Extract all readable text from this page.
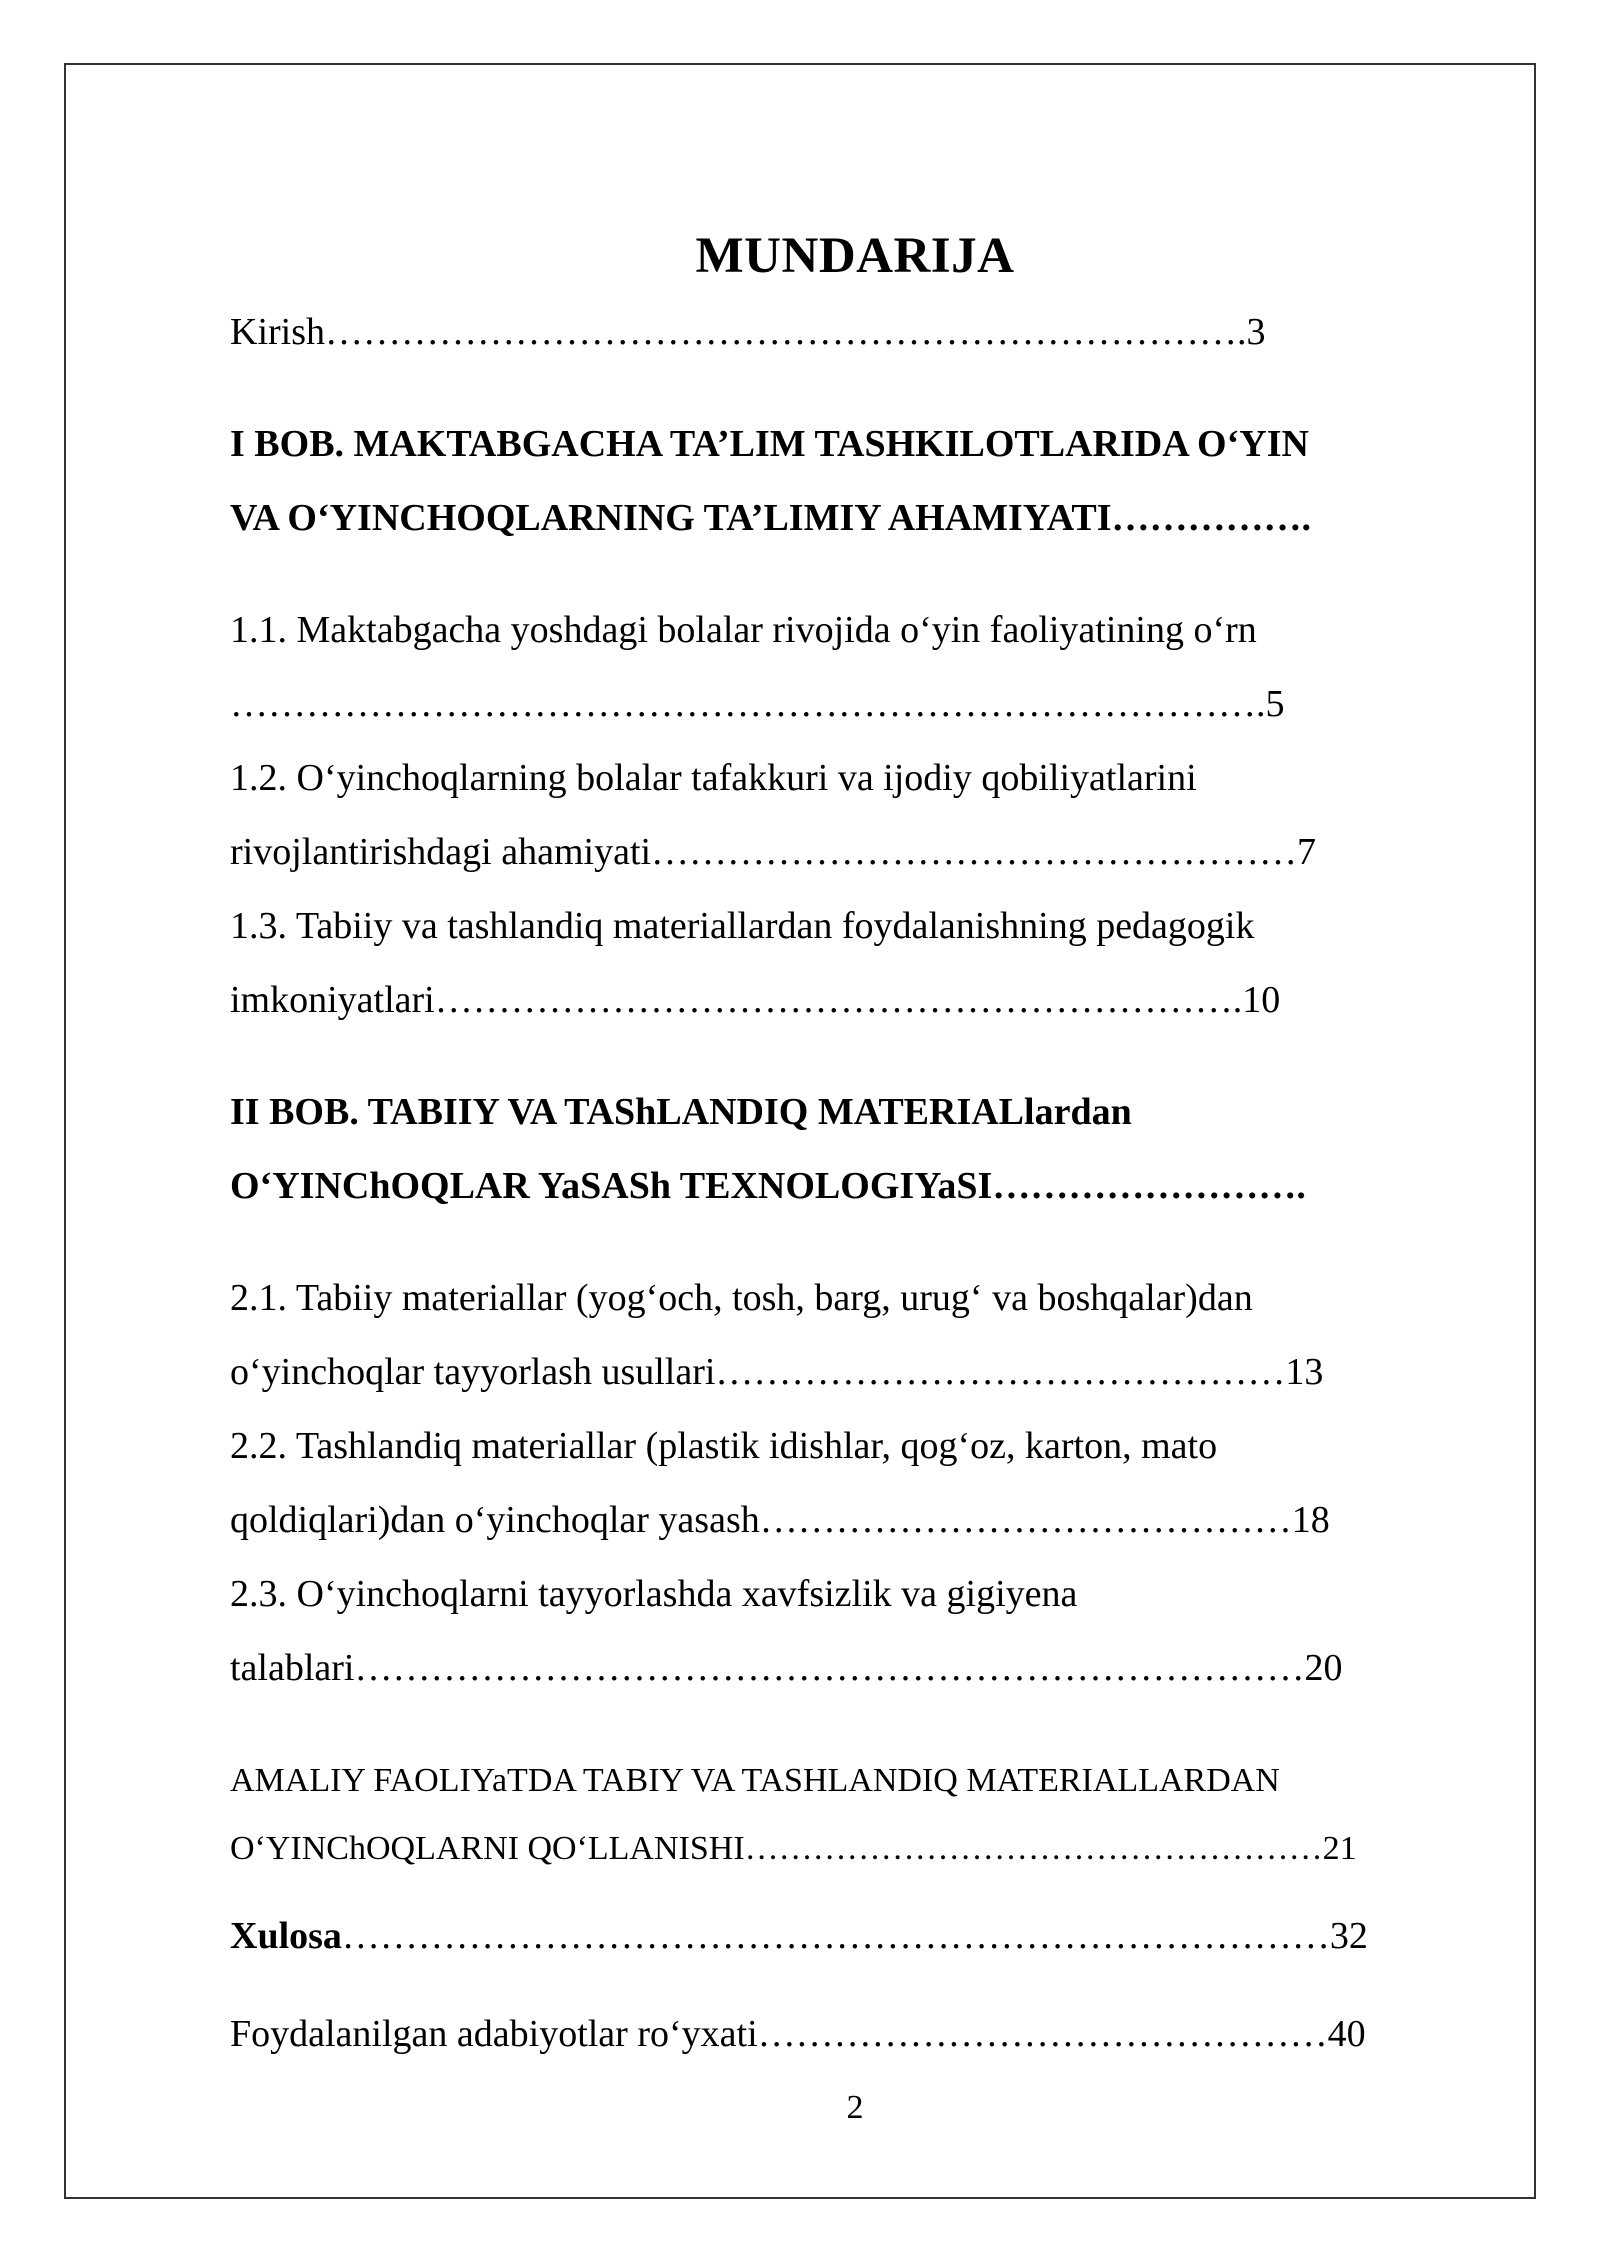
MUNDARIJA
Kirish……………………………………………………………….3
I BOB. MAKTABGACHA TA’LIM TASHKILOTLARIDA O‘YIN
VA O‘YINCHOQLARNING TA’LIMIY AHAMIYATI…………….
1.1. Maktabgacha yoshdagi bolalar rivojida o‘yin faoliyatining o‘rn
……………………………………………………………………….5
1.2. O‘yinchoqlarning bolalar tafakkuri va ijodiy qobiliyatlarini
rivojlantirishdagi ahamiyati……………………………………………7
1.3. Tabiiy va tashlandiq materiallardan foydalanishning pedagogik
imkoniyatlari……………………………………………………….10
II BOB. TABIIY VA TAShLANDIQ MATERIALlardan
O‘YINChOQLAR YaSASh TEXNOLOGIYaSI…………………….
2.1. Tabiiy materiallar (yog‘och, tosh, barg, urug‘ va boshqalar)dan
o‘yinchoqlar tayyorlash usullari………………………………………13
2.2. Tashlandiq materiallar (plastik idishlar, qog‘oz, karton, mato
qoldiqlari)dan o‘yinchoqlar yasash……………………………………18
2.3. O‘yinchoqlarni tayyorlashda xavfsizlik va gigiyena
talablari…………………………………………………………………20
AMALIY FAOLIYaTDA TABIY VA TASHLANDIQ MATERIALLARDAN
O‘YINChOQLARNI QO‘LLANISHI……………………………………………21
Xulosa……………………………………………………………………32
Foydalanilgan adabiyotlar ro‘yxati………………………………………40
2
